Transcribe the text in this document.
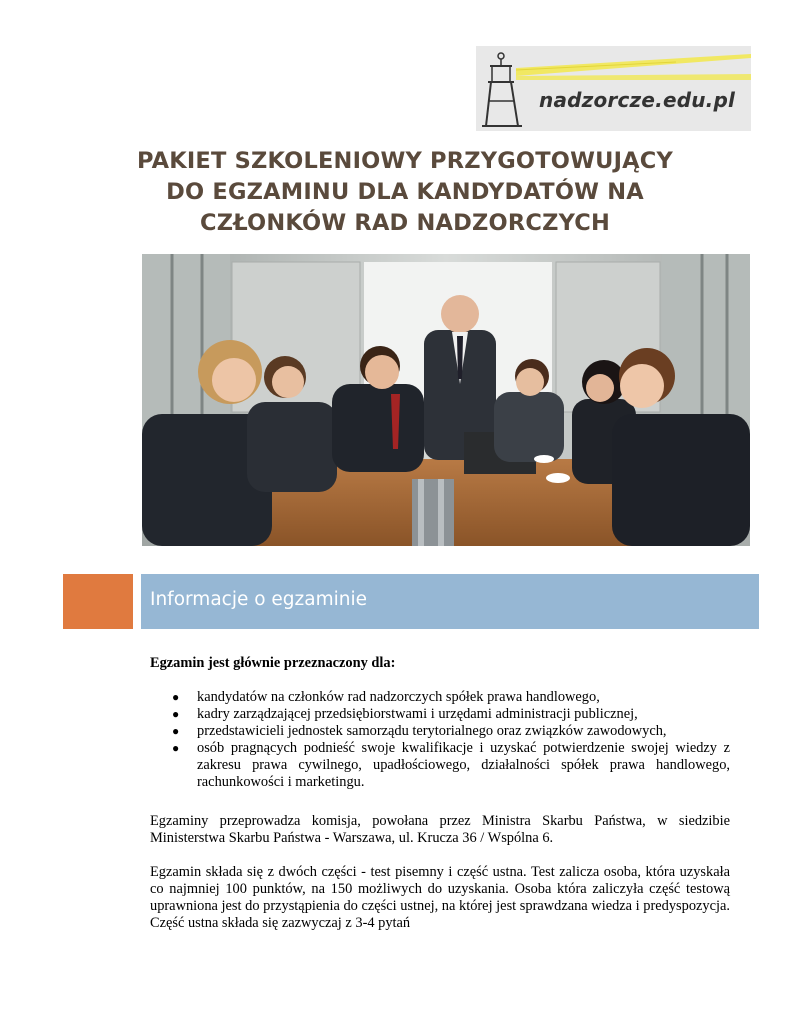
nadzorcze.edu.pl
PAKIET SZKOLENIOWY PRZYGOTOWUJĄCY
DO EGZAMINU DLA KANDYDATÓW NA
CZŁONKÓW RAD NADZORCZYCH
Informacje o egzaminie

Egzamin jest głównie przeznaczony dla:

● kandydatów na członków rad nadzorczych spółek prawa handlowego,
● kadry zarządzającej przedsiębiorstwami i urzędami administracji publicznej,
● przedstawicieli jednostek samorządu terytorialnego oraz związków zawodowych,
● osób pragnących podnieść swoje kwalifikacje i uzyskać potwierdzenie swojej wiedzy z zakresu prawa cywilnego, upadłościowego, działalności spółek prawa handlowego, rachunkowości i marketingu.

Egzaminy przeprowadza komisja, powołana przez Ministra Skarbu Państwa, w siedzibie Ministerstwa Skarbu Państwa - Warszawa, ul. Krucza 36 / Wspólna 6.

Egzamin składa się z dwóch części - test pisemny i część ustna. Test zalicza osoba, która uzyskała co najmniej 100 punktów, na 150 możliwych do uzyskania. Osoba która zaliczyła część testową uprawniona jest do przystąpienia do części ustnej, na której jest sprawdzana wiedza i predyspozycja. Część ustna składa się zazwyczaj z 3-4 pytań
